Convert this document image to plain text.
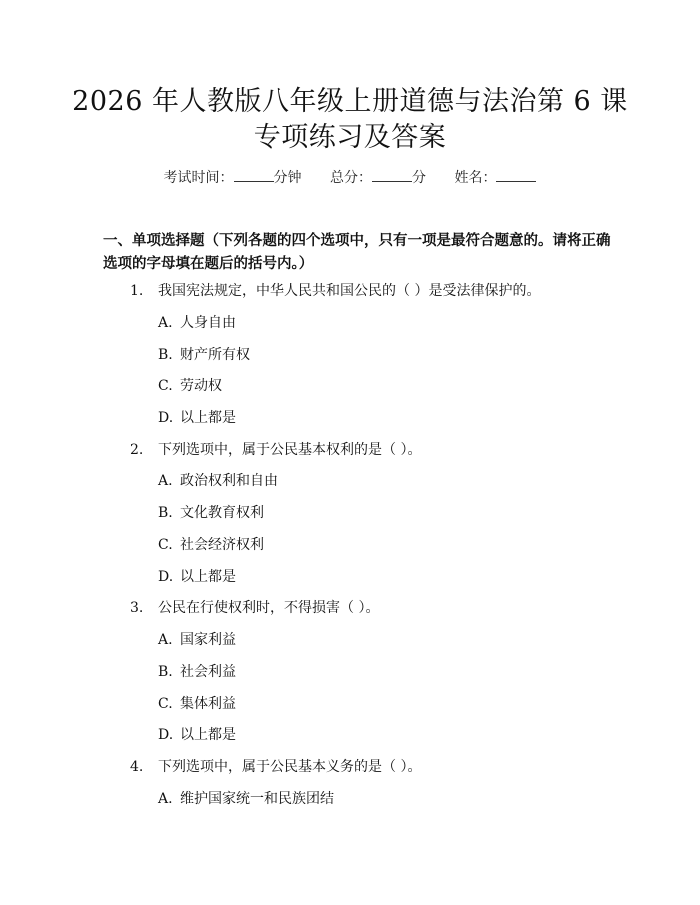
2026 年人教版八年级上册道德与法治第 6 课
专项练习及答案
考试时间：	分钟 总分：	分 姓名：
一、单项选择题（下列各题的四个选项中，只有一项是最符合题意的。请将正确选项的字母填在题后的括号内。）
1. 我国宪法规定，中华人民共和国公民的（ ）是受法律保护的。
A. 人身自由
B. 财产所有权
C. 劳动权
D. 以上都是
2. 下列选项中，属于公民基本权利的是（ ）。
A. 政治权利和自由
B. 文化教育权利
C. 社会经济权利
D. 以上都是
3. 公民在行使权利时，不得损害（ ）。
A. 国家利益
B. 社会利益
C. 集体利益
D. 以上都是
4. 下列选项中，属于公民基本义务的是（ ）。
A. 维护国家统一和民族团结
